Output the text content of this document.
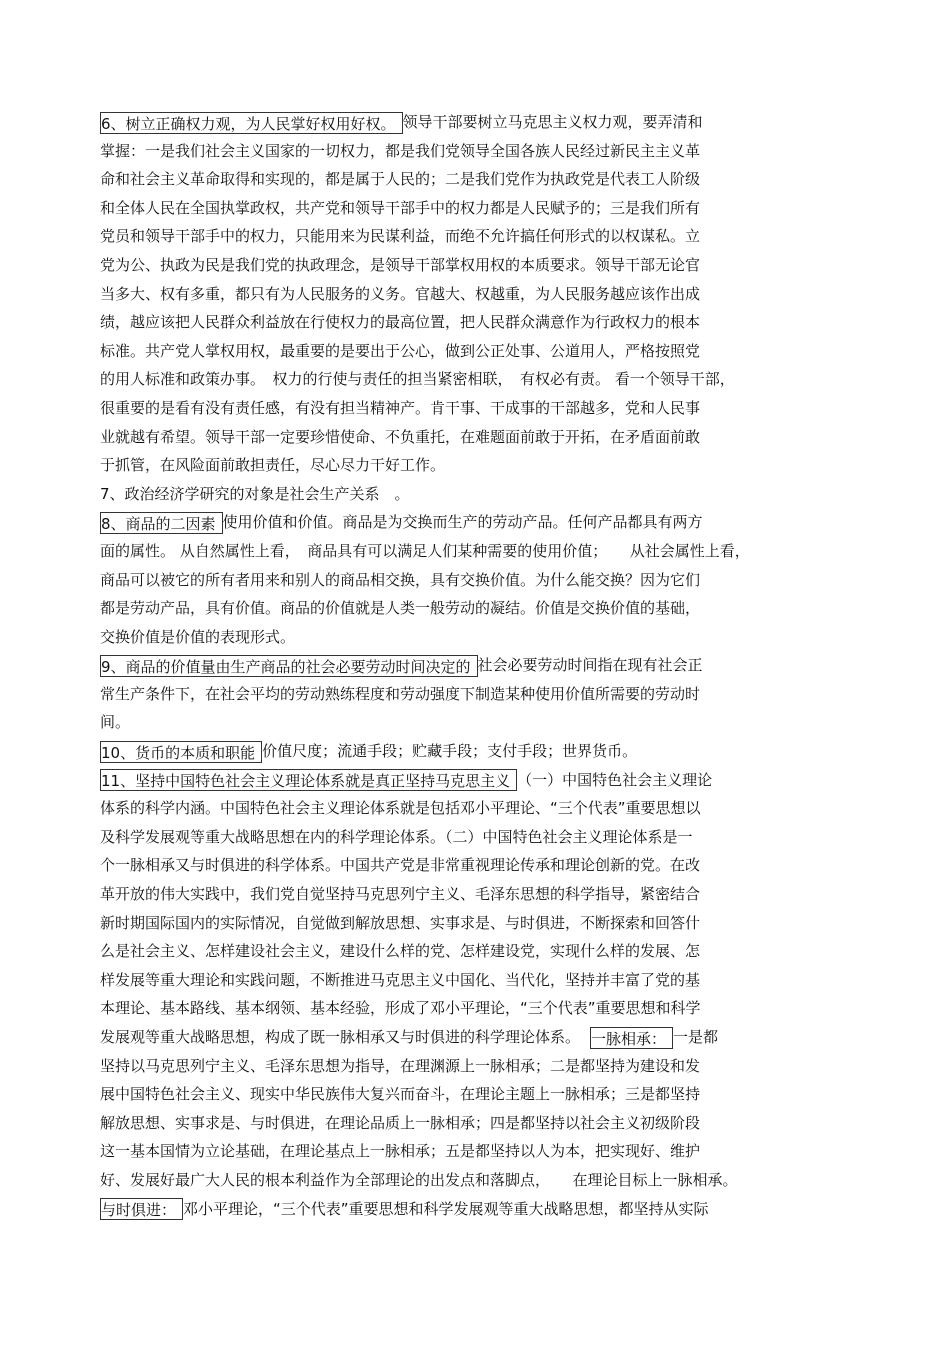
6、树立正确权力观，为人民掌好权用好权。 领导干部要树立马克思主义权力观，要弄清和
掌握：一是我们社会主义国家的一切权力，都是我们党领导全国各族人民经过新民主主义革
命和社会主义革命取得和实现的，都是属于人民的；二是我们党作为执政党是代表工人阶级
和全体人民在全国执掌政权，共产党和领导干部手中的权力都是人民赋予的；三是我们所有
党员和领导干部手中的权力，只能用来为民谋利益，而绝不允许搞任何形式的以权谋私。立
党为公、执政为民是我们党的执政理念，是领导干部掌权用权的本质要求。领导干部无论官
当多大、权有多重，都只有为人民服务的义务。官越大、权越重，为人民服务越应该作出成
绩，越应该把人民群众利益放在行使权力的最高位置，把人民群众满意作为行政权力的根本
标准。共产党人掌权用权，最重要的是要出于公心，做到公正处事、公道用人，严格按照党
的用人标准和政策办事。　权力的行使与责任的担当紧密相联，　有权必有责。 看一个领导干部，
很重要的是看有没有责任感，有没有担当精神产。肯干事、干成事的干部越多，党和人民事
业就越有希望。领导干部一定要珍惜使命、不负重托，在难题面前敢于开拓，在矛盾面前敢
于抓管，在风险面前敢担责任，尽心尽力干好工作。
7、政治经济学研究的对象是社会生产关系　。
8、商品的二因素 使用价值和价值。商品是为交换而生产的劳动产品。任何产品都具有两方
面的属性。 从自然属性上看，　商品具有可以满足人们某种需要的使用价值；　　从社会属性上看，
商品可以被它的所有者用来和别人的商品相交换，具有交换价值。为什么能交换？因为它们
都是劳动产品，具有价值。商品的价值就是人类一般劳动的凝结。价值是交换价值的基础，
交换价值是价值的表现形式。
9、商品的价值量由生产商品的社会必要劳动时间决定的 社会必要劳动时间指在现有社会正
常生产条件下，在社会平均的劳动熟练程度和劳动强度下制造某种使用价值所需要的劳动时
间。
10、货币的本质和职能 价值尺度；流通手段；贮藏手段；支付手段；世界货币。
11、坚持中国特色社会主义理论体系就是真正坚持马克思主义 （一）中国特色社会主义理论
体系的科学内涵。中国特色社会主义理论体系就是包括邓小平理论、“三个代表”重要思想以
及科学发展观等重大战略思想在内的科学理论体系。（二）中国特色社会主义理论体系是一
个一脉相承又与时俱进的科学体系。中国共产党是非常重视理论传承和理论创新的党。在改
革开放的伟大实践中，我们党自觉坚持马克思列宁主义、毛泽东思想的科学指导，紧密结合
新时期国际国内的实际情况，自觉做到解放思想、实事求是、与时俱进，不断探索和回答什
么是社会主义、怎样建设社会主义，建设什么样的党、怎样建设党，实现什么样的发展、怎
样发展等重大理论和实践问题，不断推进马克思主义中国化、当代化，坚持并丰富了党的基
本理论、基本路线、基本纲领、基本经验，形成了邓小平理论，“三个代表”重要思想和科学
发展观等重大战略思想，构成了既一脉相承又与时俱进的科学理论体系。 一脉相承： 一是都
坚持以马克思列宁主义、毛泽东思想为指导，在理渊源上一脉相承；二是都坚持为建设和发
展中国特色社会主义、现实中华民族伟大复兴而奋斗，在理论主题上一脉相承；三是都坚持
解放思想、实事求是、与时俱进，在理论品质上一脉相承；四是都坚持以社会主义初级阶段
这一基本国情为立论基础，在理论基点上一脉相承；五是都坚持以人为本，把实现好、维护
好、发展好最广大人民的根本利益作为全部理论的出发点和落脚点，　　在理论目标上一脉相承。
与时俱进： 邓小平理论，“三个代表”重要思想和科学发展观等重大战略思想，都坚持从实际
